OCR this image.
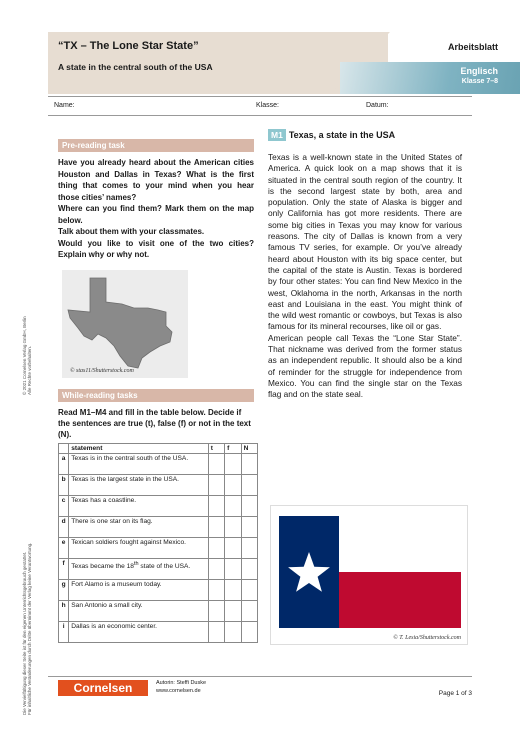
“TX – The Lone Star State”
A state in the central south of the USA
Arbeitsblatt
Englisch
Klasse 7–8
Name:	Klasse:	Datum:
© 2021 Cornelsen Verlag GmbH, Berlin Alle Rechte vorbehalten.
Die Vervielfältigung dieser Seite ist für den eigenen Unterrichtsgebrauch gestattet. Für inhaltliche Veränderungen durch Dritte übernimmt der Verlag keine Verantwortung.
Pre-reading task

Have you already heard about the American cities Houston and Dallas in Texas? What is the first thing that comes to your mind when you hear those cities’ names?

Where can you find them? Mark them on the map below.

Talk about them with your classmates.

Would you like to visit one of the two cities? Explain why or why not.

© stas11/Shutterstock.com
While-reading tasks
Read M1–M4 and fill in the table below. Decide if the sentences are true (t), false (f) or not in the text (N).
	statement	t	f	N
a	Texas is in the central south of the USA.			
b	Texas is the largest state in the USA.			
c	Texas has a coastline.			
d	There is one star on its flag.			
e	Texican soldiers fought against Mexico.			
f	Texas became the 18th state of the USA.			
g	Fort Alamo is a museum today.			
h	San Antonio a small city.			
i	Dallas is an economic center.			
M1 Texas, a state in the USA

Texas is a well-known state in the United States of America. A quick look on a map shows that it is situated in the central south region of the country. It is the second largest state by both, area and population. Only the state of Alaska is bigger and only California has got more residents. There are some big cities in Texas you may know for various reasons. The city of Dallas is known from a very famous TV series, for example. Or you’ve already heard about Houston with its big space center, but the capital of the state is Austin. Texas is bordered by four other states: You can find New Mexico in the west, Oklahoma in the north, Arkansas in the north east and Louisiana in the east. You might think of the wild west romantic or cowboys, but Texas is also famous for its mineral recourses, like oil or gas.

American people call Texas the “Lone Star State”. That nickname was derived from the former status as an independent republic. It should also be a kind of reminder for the struggle for independence from Mexico. You can find the single star on the Texas flag and on the state seal.

© T. Lesia/Shutterstock.com
Cornelsen	Autorin: Steffi Duske
www.cornelsen.de	Page 1 of 3
